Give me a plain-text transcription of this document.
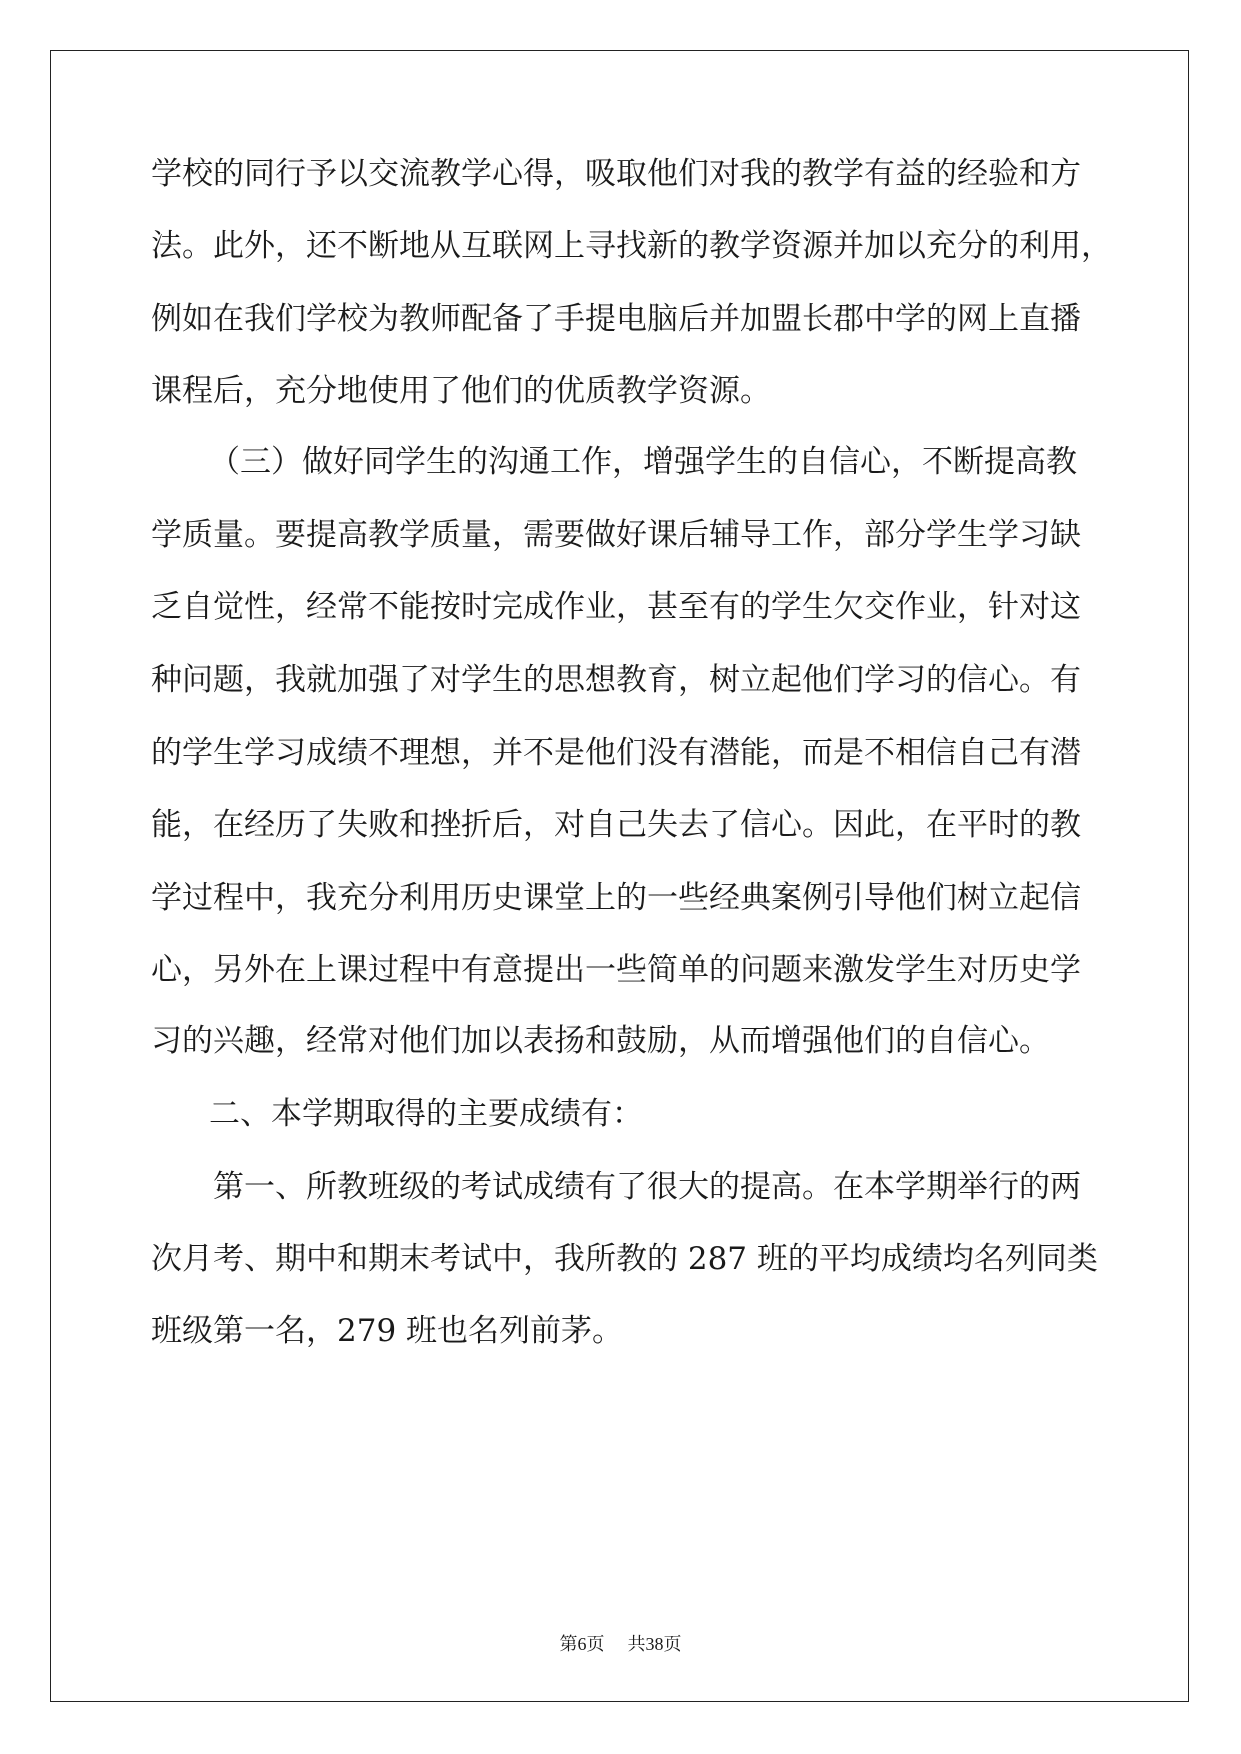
学校的同行予以交流教学心得，吸取他们对我的教学有益的经验和方
法。此外，还不断地从互联网上寻找新的教学资源并加以充分的利用，
例如在我们学校为教师配备了手提电脑后并加盟长郡中学的网上直播
课程后，充分地使用了他们的优质教学资源。
（三）做好同学生的沟通工作，增强学生的自信心，不断提高教
学质量。要提高教学质量，需要做好课后辅导工作，部分学生学习缺
乏自觉性，经常不能按时完成作业，甚至有的学生欠交作业，针对这
种问题，我就加强了对学生的思想教育，树立起他们学习的信心。有
的学生学习成绩不理想，并不是他们没有潜能，而是不相信自己有潜
能，在经历了失败和挫折后，对自己失去了信心。因此，在平时的教
学过程中，我充分利用历史课堂上的一些经典案例引导他们树立起信
心，另外在上课过程中有意提出一些简单的问题来激发学生对历史学
习的兴趣，经常对他们加以表扬和鼓励，从而增强他们的自信心。
二、本学期取得的主要成绩有：
第一、所教班级的考试成绩有了很大的提高。在本学期举行的两
次月考、期中和期末考试中，我所教的 287 班的平均成绩均名列同类
班级第一名，279 班也名列前茅。
第6页 共38页
